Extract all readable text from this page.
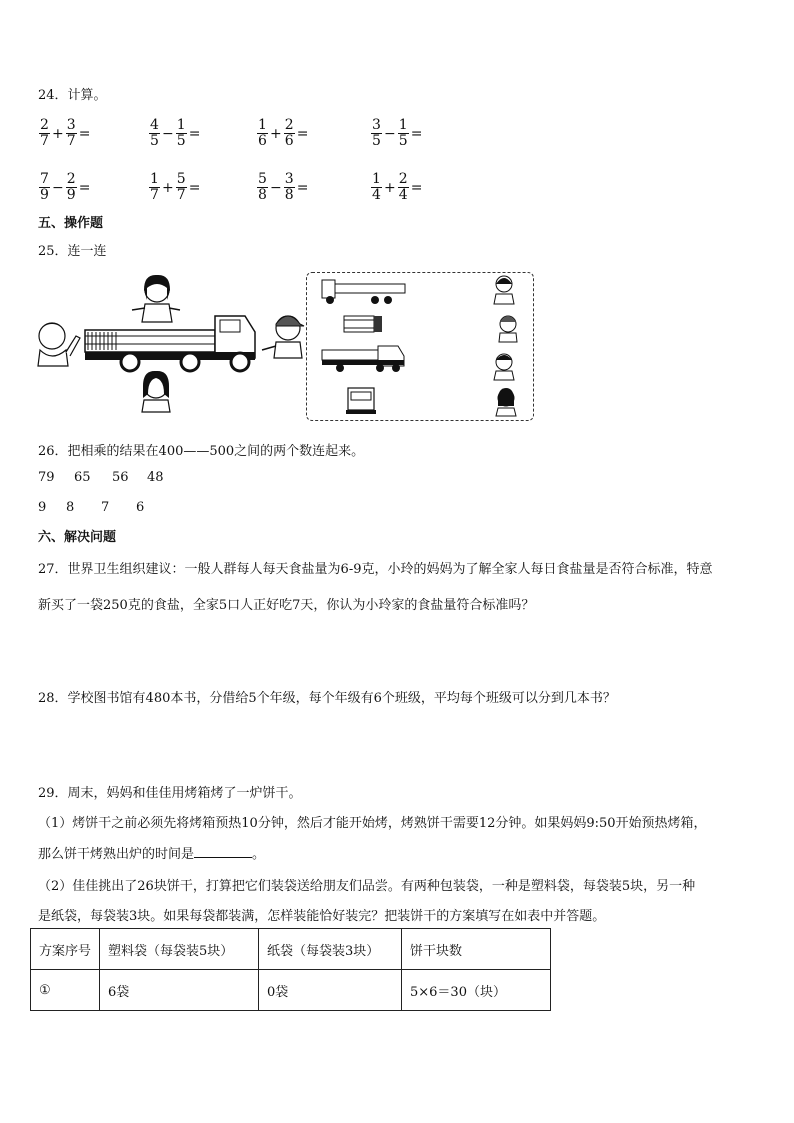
24．计算。
$\frac{2}{7} + \frac{3}{7}$ =	$\frac{4}{5} - \frac{1}{5}$ =	$\frac{1}{6} + \frac{2}{6}$ =	$\frac{3}{5} - \frac{1}{5}$ =
$\frac{7}{9} - \frac{2}{9}$ =	$\frac{1}{7} + \frac{5}{7}$ =	$\frac{5}{8} - \frac{3}{8}$ =	$\frac{1}{4} + \frac{2}{4}$ =
五、操作题
25．连一连
26．把相乘的结果在400——500之间的两个数连起来。
79 65 56 48
9 8 7 6
六、解决问题
27．世界卫生组织建议：一般人群每人每天食盐量为6-9克，小玲的妈妈为了解全家人每日食盐量是否符合标准，特意
新买了一袋250克的食盐，全家5口人正好吃7天，你认为小玲家的食盐量符合标准吗？
28．学校图书馆有480本书，分借给5个年级，每个年级有6个班级，平均每个班级可以分到几本书？
29．周末，妈妈和佳佳用烤箱烤了一炉饼干。
（1）烤饼干之前必须先将烤箱预热10分钟，然后才能开始烤，烤熟饼干需要12分钟。如果妈妈9:50开始预热烤箱，
那么饼干烤熟出炉的时间是	。
（2）佳佳挑出了26块饼干，打算把它们装袋送给朋友们品尝。有两种包装袋，一种是塑料袋，每袋装5块，另一种
是纸袋，每袋装3块。如果每袋都装满，怎样装能恰好装完？把装饼干的方案填写在如表中并答题。
方案序号	塑料袋（每袋装5块）	纸袋（每袋装3块）	饼干块数
①	6袋	0袋	5×6＝30（块）
